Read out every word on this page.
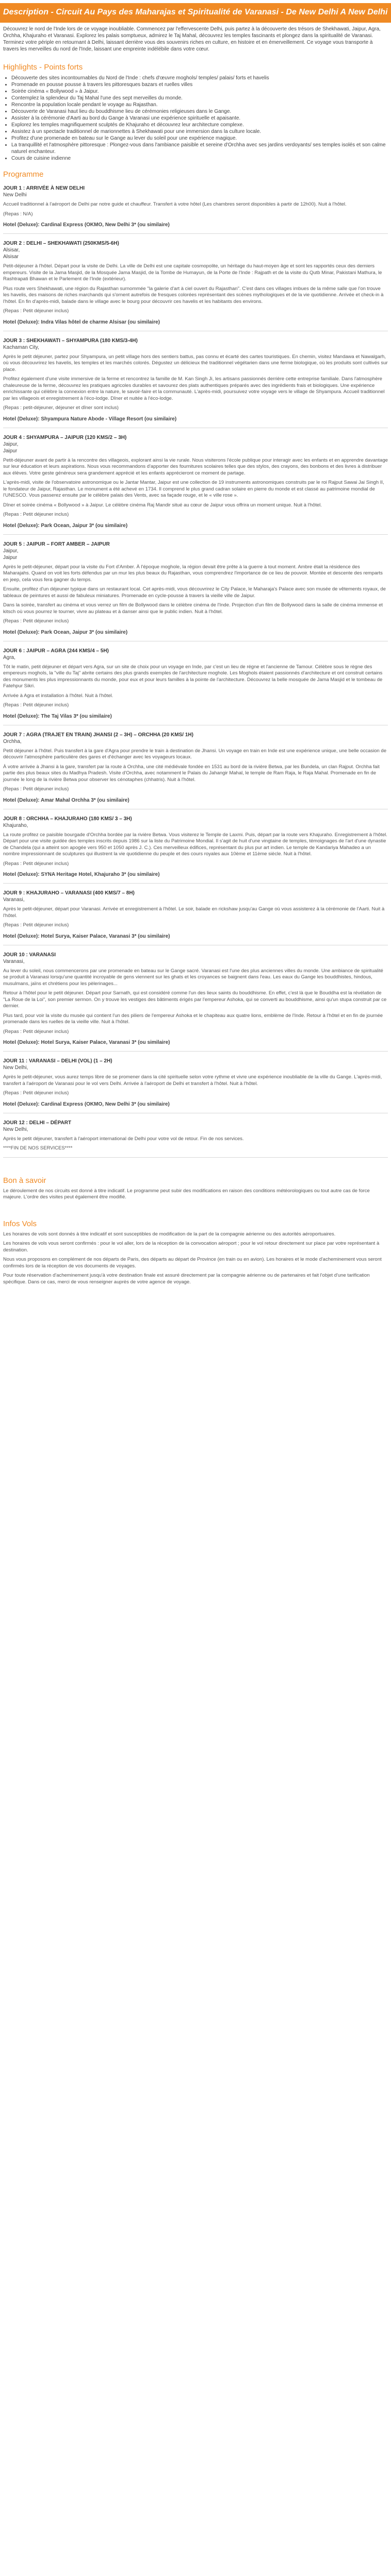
Description - Circuit Au Pays des Maharajas et Spiritualité de Varanasi - De New Delhi A New Delhi
Découvrez le nord de l'Inde lors de ce voyage inoubliable. Commencez par l'effervescente Delhi, puis partez à la découverte des trésors de Shekhawati, Jaipur, Agra, Orchha, Khajuraho et Varanasi. Explorez les palais somptueux, admirez le Taj Mahal, découvrez les temples fascinants et plongez dans la spiritualité de Varanasi. Terminez votre périple en retournant à Delhi, laissant derrière vous des souvenirs riches en culture, en histoire et en émerveillement. Ce voyage vous transporte à travers les merveilles du nord de l'Inde, laissant une empreinte indélébile dans votre cœur.
Highlights - Points forts
• Découverte des sites incontournables du Nord de l'Inde : chefs d'œuvre moghols/ temples/ palais/ forts et havelis
• Promenade en pousse pousse à travers les pittoresques bazars et ruelles villes
• Soirée cinéma « Bollywood » à Jaipur.
• Contemplez la splendeur du Taj Mahal l'une des sept merveilles du monde.
• Rencontre la population locale pendant le voyage au Rajasthan.
• Découverte de Varanasi haut lieu du bouddhisme lieu de cérémonies religieuses dans le Gange.
• Assister à la cérémonie d'Aarti au bord du Gange à Varanasi une expérience spirituelle et apaisante.
• Explorez les temples magnifiquement sculptés de Khajuraho et découvrez leur architecture complexe.
• Assistez à un spectacle traditionnel de marionnettes à Shekhawati pour une immersion dans la culture locale.
• Profitez d'une promenade en bateau sur le Gange au lever du soleil pour une expérience magique.
• La tranquillité et l'atmosphère pittoresque : Plongez-vous dans l'ambiance paisible et sereine d'Orchha avec ses jardins verdoyants/ ses temples isolés et son calme naturel enchanteur.
• Cours de cuisine indienne
Programme
JOUR 1 : ARRIVÉE À NEW DELHI
New Delhi

Accueil traditionnel à l'aéroport de Delhi par notre guide et chauffeur. Transfert à votre hôtel (Les chambres seront disponibles à partir de 12h00). Nuit à l'hôtel.

(Repas : N/A)

Hotel (Deluxe): Cardinal Express (OKMO, New Delhi 3* (ou similaire)
JOUR 2 : DELHI – SHEKHAWATI (250KMS/5-6H)
Alsisar,
Alsisar

Petit-déjeuner à l'hôtel. Départ pour la visite de Delhi. La ville de Delhi est une capitale cosmopolite, un héritage du haut-moyen âge et sont les rapportés ceux des derniers empereurs. Visite de la Jama Masjid, de la Mosquée Jama Masjid, de la Tombe de Humayun, de la Porte de l'Inde : Rajpath et de la visite du Qutb Minar, Pakistani Mathura, le Rashtrapati Bhawan et le Parlement de l'Inde (extérieur).

Plus route vers Shekhawati, une région du Rajasthan surnommée "la galerie d'art à ciel ouvert du Rajasthan". C'est dans ces villages imbues de la même salle que l'on trouve les havelis, des maisons de riches marchands qui s'ornent autrefois de fresques colorées représentant des scènes mythologiques et de la vie quotidienne. Arrivée et check-in à l'hôtel. En fin d'après-midi, balade dans le village avec le bourg pour découvrir ces havelis et les habitants des environs.

(Repas : Petit déjeuner inclus)

Hotel (Deluxe): Indra Vilas hôtel de charme Alsisar (ou similaire)
JOUR 3 : SHEKHAWATI – SHYAMPURA (180 KMS/3-4H)
Kachaman City,

Après le petit déjeuner, partez pour Shyampura, un petit village hors des sentiers battus, pas connu et écarté des cartes touristiques. En chemin, visitez Mandawa et Nawalgarh, où vous découvrirez les havelis, les temples et les marchés colorés. Dégustez un délicieux thé traditionnel végétarien dans une ferme biologique, où les produits sont cultivés sur place.

Profitez également d'une visite immersive de la ferme et rencontrez la famille de M. Kan Singh Ji, les artisans passionnés derrière cette entreprise familiale. Dans l'atmosphère chaleureuse de la ferme, découvrez les pratiques agricoles durables et savourez des plats authentiques préparés avec des ingrédients frais et biologiques. Une expérience enrichissante qui célèbre la connexion entre la nature, le savoir-faire et la communauté. L'après-midi, poursuivez votre voyage vers le village de Shyampura. Accueil traditionnel par les villageois et enregistrement à l'éco-lodge. Dîner et nuitée à l'éco-lodge.

(Repas : petit-déjeuner, déjeuner et dîner sont inclus)

Hotel (Deluxe): Shyampura Nature Abode - Village Resort (ou similaire)
JOUR 4 : SHYAMPURA – JAIPUR (120 KMS/2 – 3H)
Jaipur,
Jaipur

Petit-déjeuner avant de partir à la rencontre des villageois, explorant ainsi la vie rurale. Nous visiterons l'école publique pour interagir avec les enfants et en apprendre davantage sur leur éducation et leurs aspirations. Nous vous recommandons d'apporter des fournitures scolaires telles que des stylos, des crayons, des bonbons et des livres à distribuer aux élèves. Votre geste généreux sera grandement apprécié et les enfants apprécieront ce moment de partage.

L'après-midi, visite de l'observatoire astronomique ou le Jantar Mantar, Jaipur est une collection de 19 instruments astronomiques construits par le roi Rajput Sawai Jai Singh II, le fondateur de Jaipur, Rajasthan. Le monument a été achevé en 1734. Il comprend le plus grand cadran solaire en pierre du monde et est classé au patrimoine mondial de l'UNESCO. Vous passerez ensuite par le célèbre palais des Vents, avec sa façade rouge, et le « ville rose ».

Dîner et soirée cinéma « Bollywood » à Jaipur. Le célèbre cinéma Raj Mandir situé au cœur de Jaipur vous offrira un moment unique. Nuit à l'hôtel.

(Repas : Petit déjeuner inclus)

Hotel (Deluxe): Park Ocean, Jaipur 3* (ou similaire)
JOUR 5 : JAIPUR – FORT AMBER – JAIPUR
Jaipur,
Jaipur

Après le petit-déjeuner, départ pour la visite du Fort d'Amber. À l'époque moghole, la région devait être prête à la guerre à tout moment. Ambre était la résidence des Maharajahs. Quand on voit les forts défendus par un mur les plus beaux du Rajasthan, vous comprendrez l'importance de ce lieu de pouvoir. Montée et descente des remparts en jeep, cela vous fera gagner du temps.

Ensuite, profitez d'un déjeuner typique dans un restaurant local. Cet après-midi, vous découvrirez le City Palace, le Maharaja's Palace avec son musée de vêtements royaux, de tableaux de peintures et aussi de fabuleux miniatures. Promenade en cycle-pousse à travers la vieille ville de Jaipur.

Dans la soirée, transfert au cinéma et vous verrez un film de Bollywood dans le célèbre cinéma de l'Inde. Projection d'un film de Bollywood dans la salle de cinéma immense et kitsch où vous pourrez le tourner, vivre au plateau et à danser ainsi que le public indien. Nuit à l'hôtel.

(Repas : Petit déjeuner inclus)

Hotel (Deluxe): Park Ocean, Jaipur 3* (ou similaire)
JOUR 6 : JAIPUR – AGRA (244 KMS/4 – 5H)
Agra,

Tôt le matin, petit déjeuner et départ vers Agra, sur un site de choix pour un voyage en Inde, par c'est un lieu de régne et l'ancienne de Tamour. Célèbre sous le règne des empereurs moghols, la "ville du Taj" abrite certains des plus grands exemples de l'architecture moghole. Les Moghols étaient passionnés d'architecture et ont construit certains des monuments les plus impressionnants du monde, pour eux et pour leurs familles à la pointe de l'architecture. Découvrez la belle mosquée de Jama Masjid et le tombeau de Fatehpur Sikri.

Arrivée à Agra et installation à l'hôtel. Nuit à l'hôtel.

(Repas : Petit déjeuner inclus)

Hotel (Deluxe): The Taj Vilas 3* (ou similaire)
JOUR 7 : AGRA (TRAJET EN TRAIN) JHANSI (2 – 3H) – ORCHHA (20 KMS/ 1H)
Orchha,

Petit déjeuner à l'hôtel. Puis transfert à la gare d'Agra pour prendre le train à destination de Jhansi. Un voyage en train en Inde est une expérience unique, une belle occasion de découvrir l'atmosphère particulière des gares et d'échanger avec les voyageurs locaux.

À votre arrivée à Jhansi à la gare, transfert par la route à Orchha, une cité médiévale fondée en 1531 au bord de la rivière Betwa, par les Bundela, un clan Rajput. Orchha fait partie des plus beaux sites du Madhya Pradesh. Visite d'Orchha, avec notamment le Palais du Jahangir Mahal, le temple de Ram Raja, le Raja Mahal. Promenade en fin de journée le long de la rivière Betwa pour observer les cénotaphes (chhatris). Nuit à l'hôtel.

(Repas : Petit déjeuner inclus)

Hotel (Deluxe): Amar Mahal Orchha 3* (ou similaire)
JOUR 8 : ORCHHA – KHAJURAHO (180 KMS/ 3 – 3H)
Khajuraho,

La route profitez ce paisible bourgade d'Orchha bordée par la rivière Betwa. Vous visiterez le Temple de Laxmi. Puis, départ par la route vers Khajuraho. Enregistrement à l'hôtel. Départ pour une visite guidée des temples inscrits depuis 1986 sur la liste du Patrimoine Mondial. Il s'agit de huit d'une vingtaine de temples, témoignages de l'art d'une dynastie de Chandela (qui a atteint son apogée vers 950 et 1050 après J. C.). Ces merveilleux édifices, représentant du plus pur art indien. Le temple de Kandariya Mahadeo a un nombre impressionnant de sculptures qui illustrent la vie quotidienne du peuple et des cours royales aux 10ème et 11ème siècle. Nuit à l'hôtel.

(Repas : Petit déjeuner inclus)

Hotel (Deluxe): SYNA Heritage Hotel, Khajuraho 3* (ou similaire)
JOUR 9 : KHAJURAHO – VARANASI (400 KMS/7 – 8H)
Varanasi,

Après le petit-déjeuner, départ pour Varanasi. Arrivée et enregistrement à l'hôtel. Le soir, balade en rickshaw jusqu'au Gange où vous assisterez à la cérémonie de l'Aarti. Nuit à l'hôtel.

(Repas : Petit déjeuner inclus)

Hotel (Deluxe): Hotel Surya, Kaiser Palace, Varanasi 3* (ou similaire)
JOUR 10 : VARANASI
Varanasi,

Au lever du soleil, nous commencerons par une promenade en bateau sur le Gange sacré. Varanasi est l'une des plus anciennes villes du monde. Une ambiance de spiritualité se produit à Varanasi lorsqu'une quantité incroyable de gens viennent sur les ghats et les croyances se baignent dans l'eau. Les eaux du Gange les bouddhistes, hindous, musulmans, jaïns et chrétiens pour les pèlerinages...

Retour à l'hôtel pour le petit déjeuner. Départ pour Sarnath, qui est considéré comme l'un des lieux saints du bouddhisme. En effet, c'est là que le Bouddha est la révélation de "La Roue de la Loi", son premier sermon. On y trouve les vestiges des bâtiments érigés par l'empereur Ashoka, qui se converti au bouddhisme, ainsi qu'un stupa construit par ce dernier.

Plus tard, pour voir la visite du musée qui contient l'un des piliers de l'empereur Ashoka et le chapiteau aux quatre lions, emblème de l'Inde. Retour à l'hôtel et en fin de journée promenade dans les ruelles de la vieille ville. Nuit à l'hôtel.

(Repas : Petit déjeuner inclus)

Hotel (Deluxe): Hotel Surya, Kaiser Palace, Varanasi 3* (ou similaire)
JOUR 11 : VARANASI – DELHI (VOL) (1 – 2H)
New Delhi,

Après le petit-déjeuner, vous aurez temps libre de se promener dans la cité spirituelle selon votre rythme et vivre une expérience inoubliable de la ville du Gange. L'après-midi, transfert à l'aéroport de Varanasi pour le vol vers Delhi. Arrivée à l'aéroport de Delhi et transfert à l'hôtel. Nuit à l'hôtel.

(Repas : Petit déjeuner inclus)

Hotel (Deluxe): Cardinal Express (OKMO, New Delhi 3* (ou similaire)
JOUR 12 : DELHI – DÉPART
New Delhi,

Après le petit déjeuner, transfert à l'aéroport international de Delhi pour votre vol de retour. Fin de nos services.

****FIN DE NOS SERVICES****

Bon à savoir

Le déroulement de nos circuits est donné à titre indicatif. Le programme peut subir des modifications en raison des conditions météorologiques ou tout autre cas de force majeure. L'ordre des visites peut également être modifié.

Infos Vols

Les horaires de vols sont donnés à titre indicatif et sont susceptibles de modification de la part de la compagnie aérienne ou des autorités aéroportuaires.

Les horaires de vols vous seront confirmés : pour le vol aller, lors de la réception de la convocation aéroport ; pour le vol retour directement sur place par votre représentant à destination.

Nous vous proposons en complément de nos départs de Paris, des départs au départ de Province (en train ou en avion). Les horaires et le mode d'acheminement vous seront confirmés lors de la réception de vos documents de voyages.

Pour toute réservation d'acheminement jusqu'à votre destination finale est assuré directement par la compagnie aérienne ou de partenaires et fait l'objet d'une tarification spécifique. Dans ce cas, merci de vous renseigner auprès de votre agence de voyage.
